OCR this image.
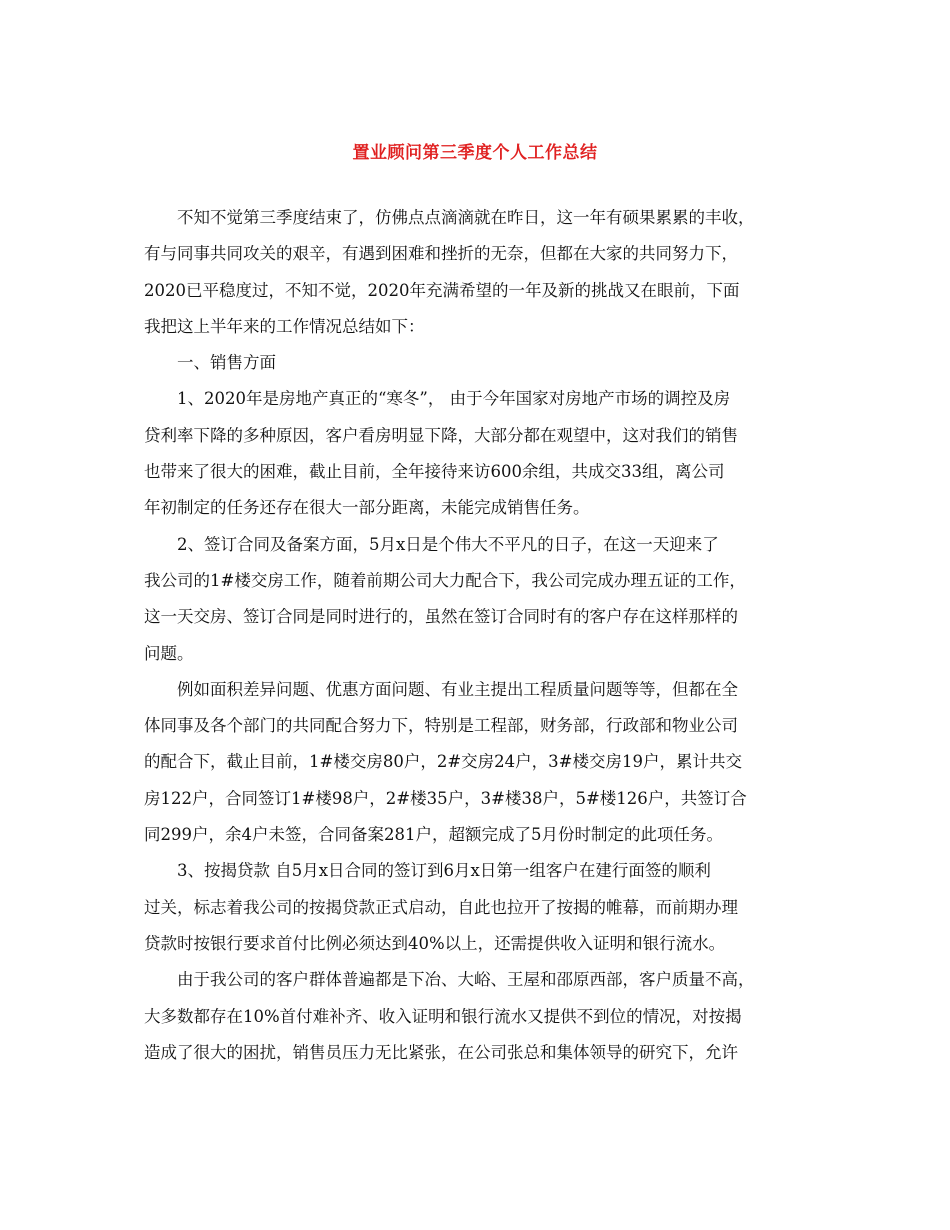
置业顾问第三季度个人工作总结
不知不觉第三季度结束了，仿佛点点滴滴就在昨日，这一年有硕果累累的丰收，
有与同事共同攻关的艰辛，有遇到困难和挫折的无奈，但都在大家的共同努力下，
2020已平稳度过，不知不觉，2020年充满希望的一年及新的挑战又在眼前，下面
我把这上半年来的工作情况总结如下：
一、销售方面
1、2020年是房地产真正的“寒冬”， 由于今年国家对房地产市场的调控及房
贷利率下降的多种原因，客户看房明显下降，大部分都在观望中，这对我们的销售
也带来了很大的困难，截止目前，全年接待来访600余组，共成交33组，离公司
年初制定的任务还存在很大一部分距离，未能完成销售任务。
2、签订合同及备案方面，5月x日是个伟大不平凡的日子，在这一天迎来了
我公司的1#楼交房工作，随着前期公司大力配合下，我公司完成办理五证的工作，
这一天交房、签订合同是同时进行的，虽然在签订合同时有的客户存在这样那样的
问题。
例如面积差异问题、优惠方面问题、有业主提出工程质量问题等等，但都在全
体同事及各个部门的共同配合努力下，特别是工程部，财务部，行政部和物业公司
的配合下，截止目前，1#楼交房80户，2#交房24户，3#楼交房19户，累计共交
房122户，合同签订1#楼98户，2#楼35户，3#楼38户，5#楼126户，共签订合
同299户，余4户未签，合同备案281户，超额完成了5月份时制定的此项任务。
3、按揭贷款 自5月x日合同的签订到6月x日第一组客户在建行面签的顺利
过关，标志着我公司的按揭贷款正式启动，自此也拉开了按揭的帷幕，而前期办理
贷款时按银行要求首付比例必须达到40%以上，还需提供收入证明和银行流水。
由于我公司的客户群体普遍都是下冶、大峪、王屋和邵原西部，客户质量不高，
大多数都存在10%首付难补齐、收入证明和银行流水又提供不到位的情况，对按揭
造成了很大的困扰，销售员压力无比紧张，在公司张总和集体领导的研究下，允许
